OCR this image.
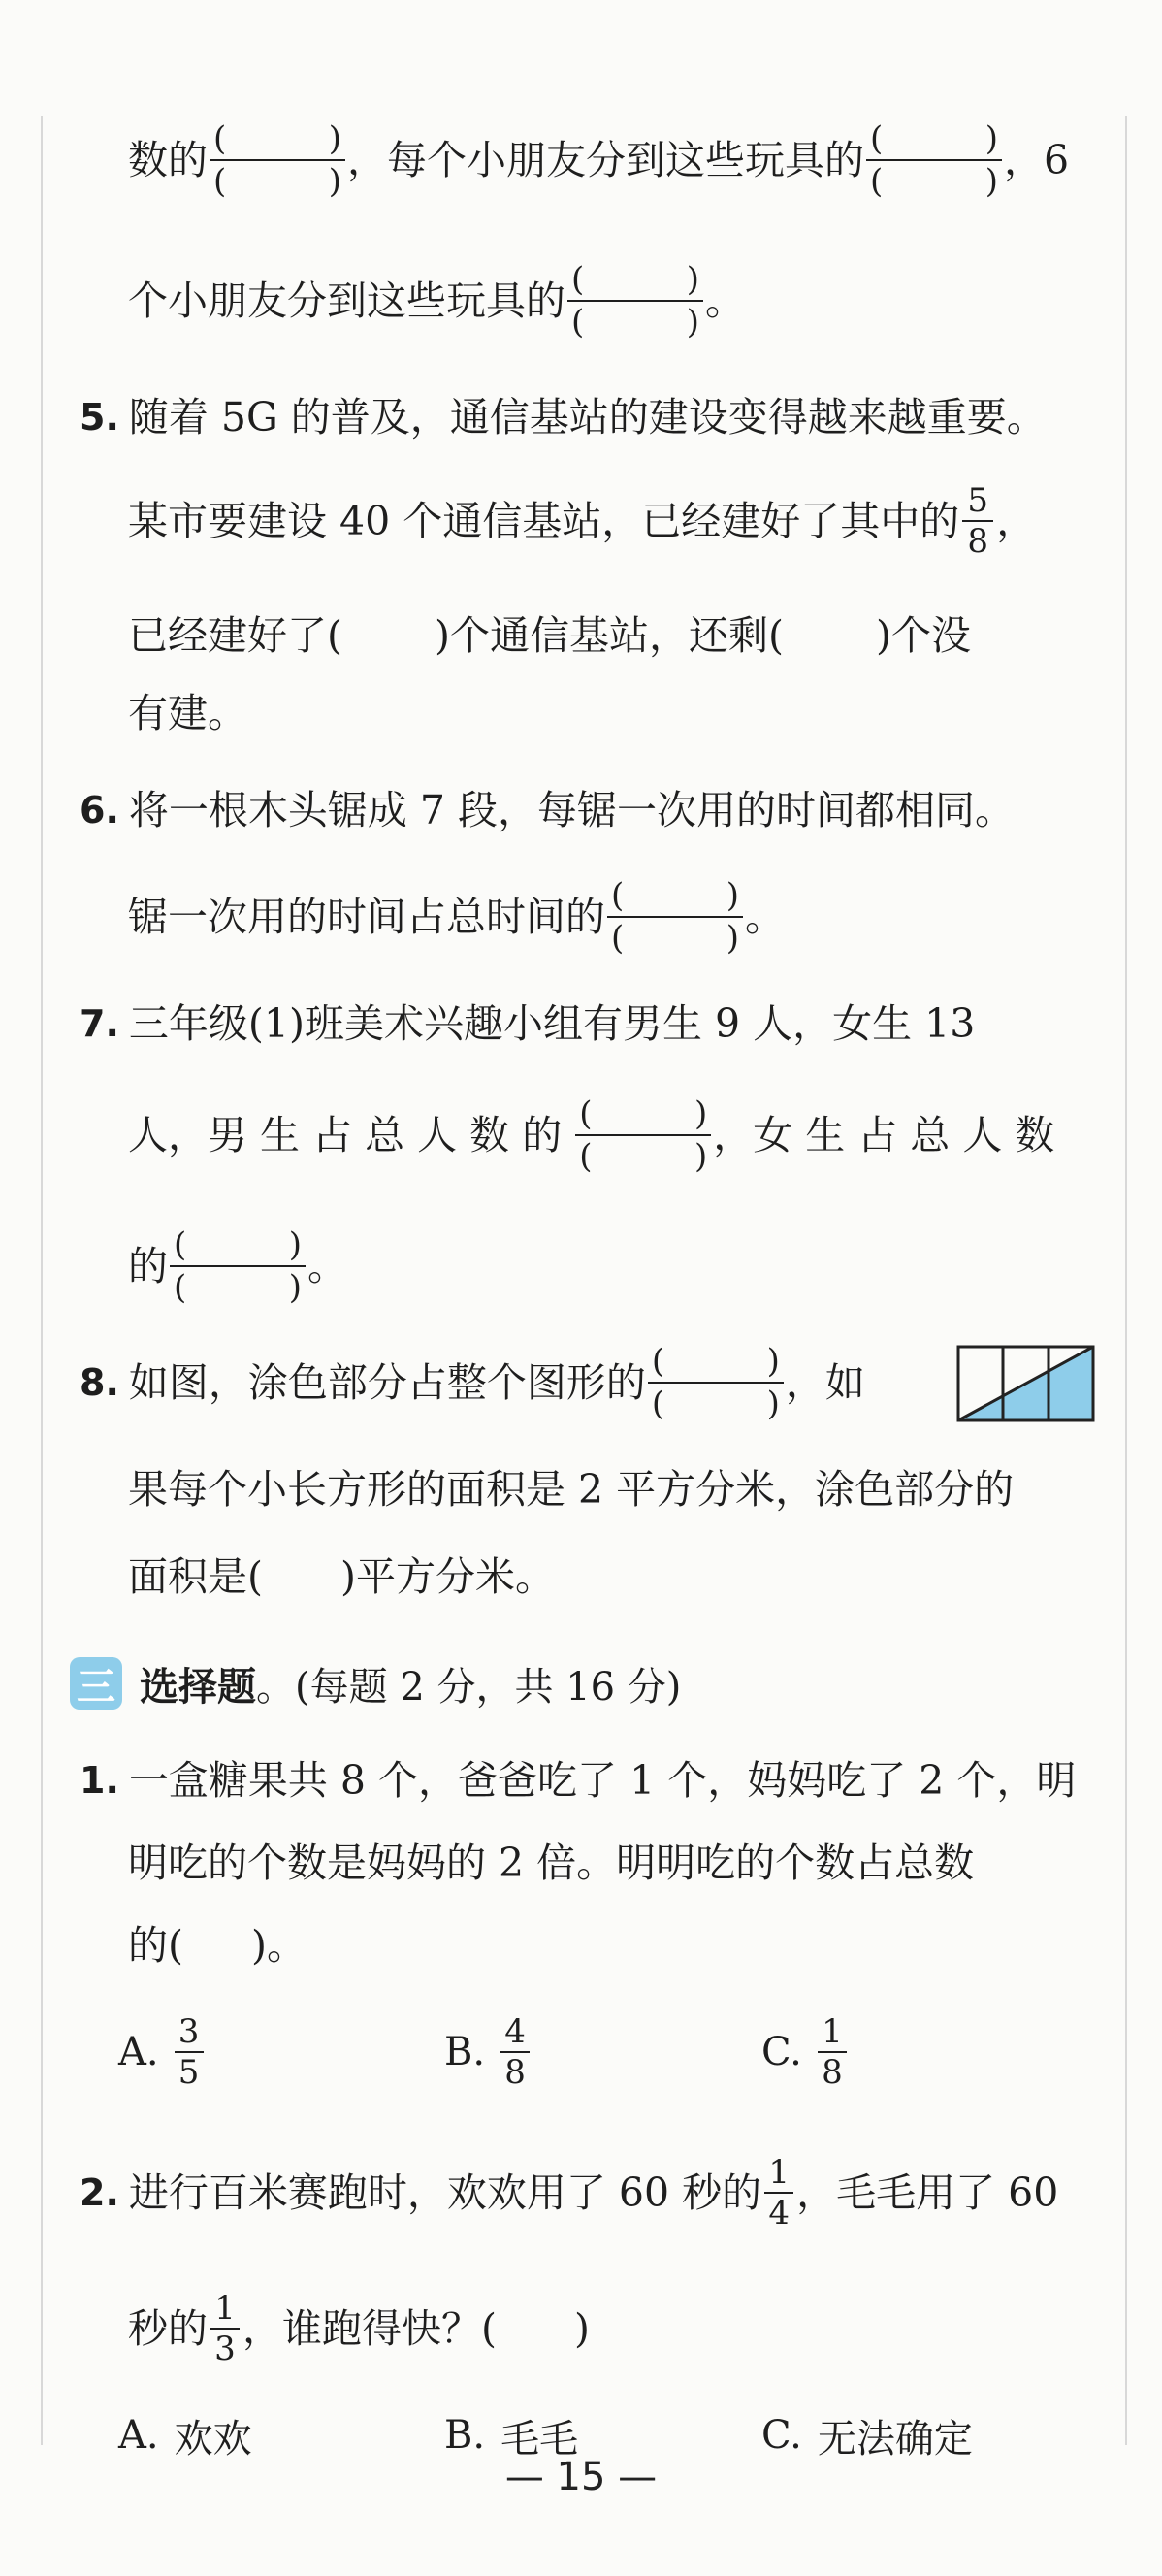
数的 (	)
(	) ，每个小朋友分到这些玩具的 (	)
(	) ，6
个小朋友分到这些玩具的 (	)
(	) 。
5. 随着 5G 的普及，通信基站的建设变得越来越重要。
某市要建设 40 个通信基站，已经建好了其中的 $\frac{5}{8}$ ，
已经建好了( )个通信基站，还剩( )个没
有建。
6. 将一根木头锯成 7 段，每锯一次用的时间都相同。
锯一次用的时间占总时间的 (	)
(	) 。
7. 三年级(1)班美术兴趣小组有男生 9 人，女生 13
人，男 生 占 总 人 数 的 (	)
(	) ，女 生 占 总 人 数
的 (	)
(	) 。
8. 如图，涂色部分占整个图形的 (	)
(	) ，如
果每个小长方形的面积是 2 平方分米，涂色部分的
面积是( )平方分米。
三 选择题 。(每题 2 分，共 16 分)
1. 一盒糖果共 8 个，爸爸吃了 1 个，妈妈吃了 2 个，明
明吃的个数是妈妈的 2 倍。明明吃的个数占总数
的( )。
A. $\frac{3}{5}$	B. $\frac{4}{8}$	C. $\frac{1}{8}$
2. 进行百米赛跑时，欢欢用了 60 秒的 $\frac{1}{4}$ ，毛毛用了 60
秒的 $\frac{1}{3}$ ，谁跑得快？( )
A. 欢欢	B. 毛毛	C. 无法确定
— 15 —
